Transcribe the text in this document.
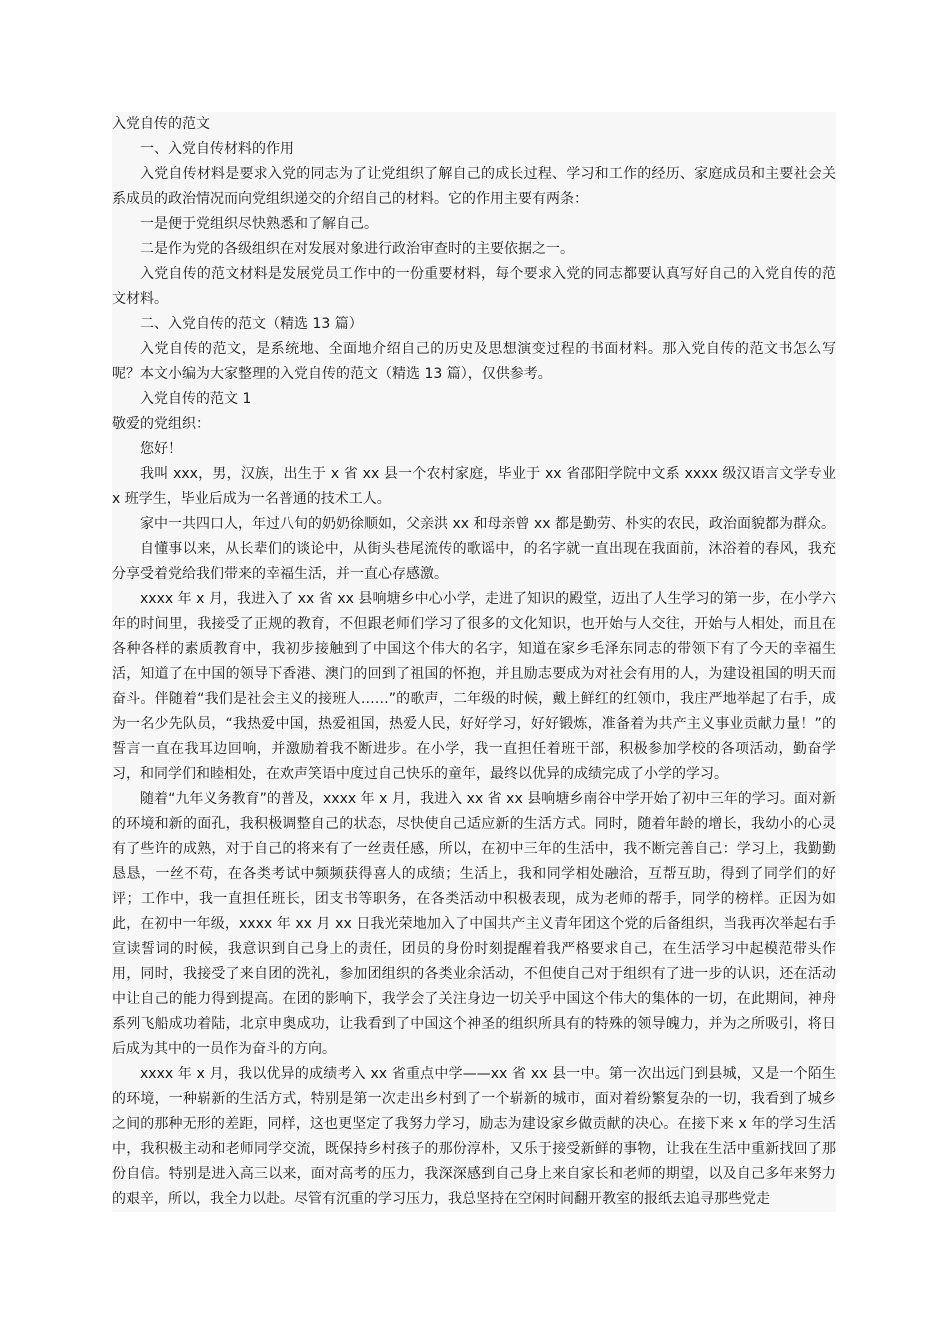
入党自传的范文

一、入党自传材料的作用

入党自传材料是要求入党的同志为了让党组织了解自己的成长过程、学习和工作的经历、家庭成员和主要社会关系成员的政治情况而向党组织递交的介绍自己的材料。它的作用主要有两条：

一是便于党组织尽快熟悉和了解自己。

二是作为党的各级组织在对发展对象进行政治审查时的主要依据之一。

入党自传的范文材料是发展党员工作中的一份重要材料，每个要求入党的同志都要认真写好自己的入党自传的范文材料。

二、入党自传的范文（精选 13 篇）

入党自传的范文，是系统地、全面地介绍自己的历史及思想演变过程的书面材料。那入党自传的范文书怎么写呢？本文小编为大家整理的入党自传的范文（精选 13 篇），仅供参考。

入党自传的范文 1

敬爱的党组织：

您好！

我叫 xxx，男，汉族，出生于 x 省 xx 县一个农村家庭，毕业于 xx 省邵阳学院中文系 xxxx 级汉语言文学专业 x 班学生，毕业后成为一名普通的技术工人。

家中一共四口人，年过八旬的奶奶徐顺如，父亲洪 xx 和母亲曾 xx 都是勤劳、朴实的农民，政治面貌都为群众。

自懂事以来，从长辈们的谈论中，从街头巷尾流传的歌谣中，的名字就一直出现在我面前，沐浴着的春风，我充分享受着党给我们带来的幸福生活，并一直心存感激。

xxxx 年 x 月，我进入了 xx 省 xx 县响塘乡中心小学，走进了知识的殿堂，迈出了人生学习的第一步，在小学六年的时间里，我接受了正规的教育，不但跟老师们学习了很多的文化知识，也开始与人交往，开始与人相处，而且在各种各样的素质教育中，我初步接触到了中国这个伟大的名字，知道在家乡毛泽东同志的带领下有了今天的幸福生活，知道了在中国的领导下香港、澳门的回到了祖国的怀抱，并且励志要成为对社会有用的人，为建设祖国的明天而奋斗。伴随着“我们是社会主义的接班人……”的歌声，二年级的时候，戴上鲜红的红领巾，我庄严地举起了右手，成为一名少先队员，“我热爱中国，热爱祖国，热爱人民，好好学习，好好锻炼，准备着为共产主义事业贡献力量！”的誓言一直在我耳边回响，并激励着我不断进步。在小学，我一直担任着班干部，积极参加学校的各项活动，勤奋学习，和同学们和睦相处，在欢声笑语中度过自己快乐的童年，最终以优异的成绩完成了小学的学习。

随着“九年义务教育”的普及，xxxx 年 x 月，我进入 xx 省 xx 县响塘乡南谷中学开始了初中三年的学习。面对新的环境和新的面孔，我积极调整自己的状态，尽快使自己适应新的生活方式。同时，随着年龄的增长，我幼小的心灵有了些许的成熟，对于自己的将来有了一丝责任感，所以，在初中三年的生活中，我不断完善自己：学习上，我勤勤恳恳，一丝不苟，在各类考试中频频获得喜人的成绩；生活上，我和同学相处融洽，互帮互助，得到了同学们的好评；工作中，我一直担任班长，团支书等职务，在各类活动中积极表现，成为老师的帮手，同学的榜样。正因为如此，在初中一年级，xxxx 年 xx 月 xx 日我光荣地加入了中国共产主义青年团这个党的后备组织，当我再次举起右手宣读誓词的时候，我意识到自己身上的责任，团员的身份时刻提醒着我严格要求自己，在生活学习中起模范带头作用，同时，我接受了来自团的洗礼，参加团组织的各类业余活动，不但使自己对于组织有了进一步的认识，还在活动中让自己的能力得到提高。在团的影响下，我学会了关注身边一切关乎中国这个伟大的集体的一切，在此期间，神舟系列飞船成功着陆，北京申奥成功，让我看到了中国这个神圣的组织所具有的特殊的领导魄力，并为之所吸引，将日后成为其中的一员作为奋斗的方向。

xxxx 年 x 月，我以优异的成绩考入 xx 省重点中学——xx 省 xx 县一中。第一次出远门到县城，又是一个陌生的环境，一种崭新的生活方式，特别是第一次走出乡村到了一个崭新的城市，面对着纷繁复杂的一切，我看到了城乡之间的那种无形的差距，同样，这也更坚定了我努力学习，励志为建设家乡做贡献的决心。在接下来 x 年的学习生活中，我积极主动和老师同学交流，既保持乡村孩子的那份淳朴，又乐于接受新鲜的事物，让我在生活中重新找回了那份自信。特别是进入高三以来，面对高考的压力，我深深感到自己身上来自家长和老师的期望，以及自己多年来努力的艰辛，所以，我全力以赴。尽管有沉重的学习压力，我总坚持在空闲时间翻开教室的报纸去追寻那些党走
